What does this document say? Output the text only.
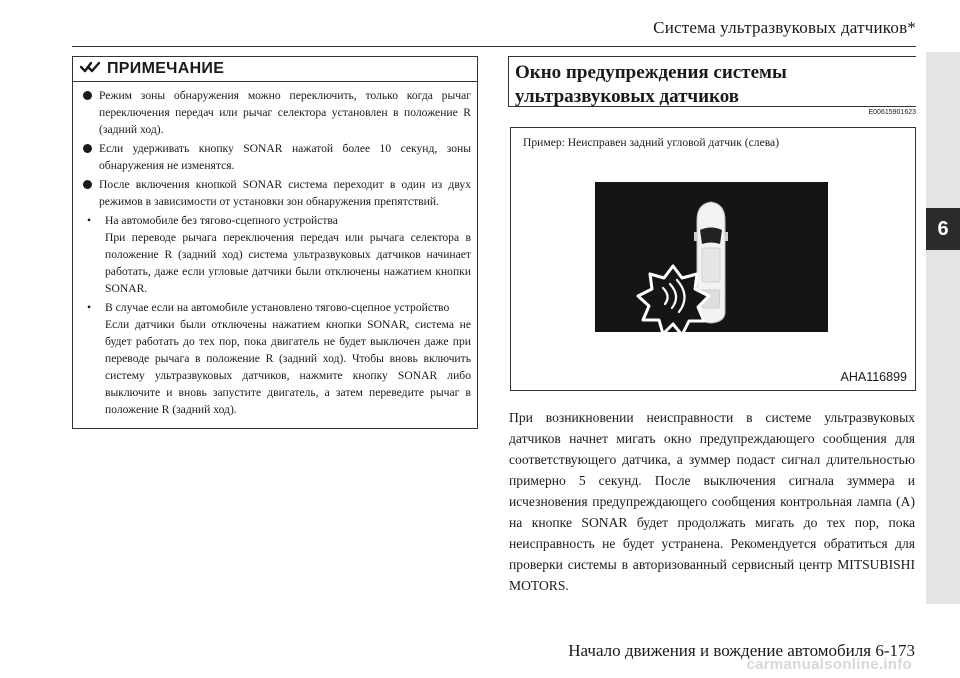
Система ультразвуковых датчиков*
6
ПРИМЕЧАНИЕ
Режим зоны обнаружения можно переключить, только когда рычаг переключения передач или рычаг селектора установлен в положение R (задний ход).
Если удерживать кнопку SONAR нажатой более 10 секунд, зоны обнаружения не изменятся.
После включения кнопкой SONAR система переходит в один из двух режимов в зависимости от установки зон обнаружения препятствий.
•	На автомобиле без тягово-сцепного устройства
При переводе рычага переключения передач или рычага селектора в положение R (задний ход) система ультразвуковых датчиков начинает работать, даже если угловые датчики были отключены нажатием кнопки SONAR.
•	В случае если на автомобиле установлено тягово-сцепное устройство
Если датчики были отключены нажатием кнопки SONAR, система не будет работать до тех пор, пока двигатель не будет выключен даже при переводе рычага в положение R (задний ход). Чтобы вновь включить систему ультразвуковых датчиков, нажмите кнопку SONAR либо выключите и вновь запустите двигатель, а затем переведите рычаг в положение R (задний ход).
Окно предупреждения системы
ультразвуковых датчиков
E00615901623
Пример: Неисправен задний угловой датчик (слева)
AHA116899
При возникновении неисправности в системе ультразвуковых датчиков начнет мигать окно предупреждающего сообщения для соответствующего датчика, а зуммер подаст сигнал длительностью примерно 5 секунд. После выключения сигнала зуммера и исчезновения предупреждающего сообщения контрольная лампа (A) на кнопке SONAR будет продолжать мигать до тех пор, пока неисправность не будет устранена. Рекомендуется обратиться для проверки системы в авторизованный сервисный центр MITSUBISHI MOTORS.
Начало движения и вождение автомобиля 6-173
carmanualsonline.info
